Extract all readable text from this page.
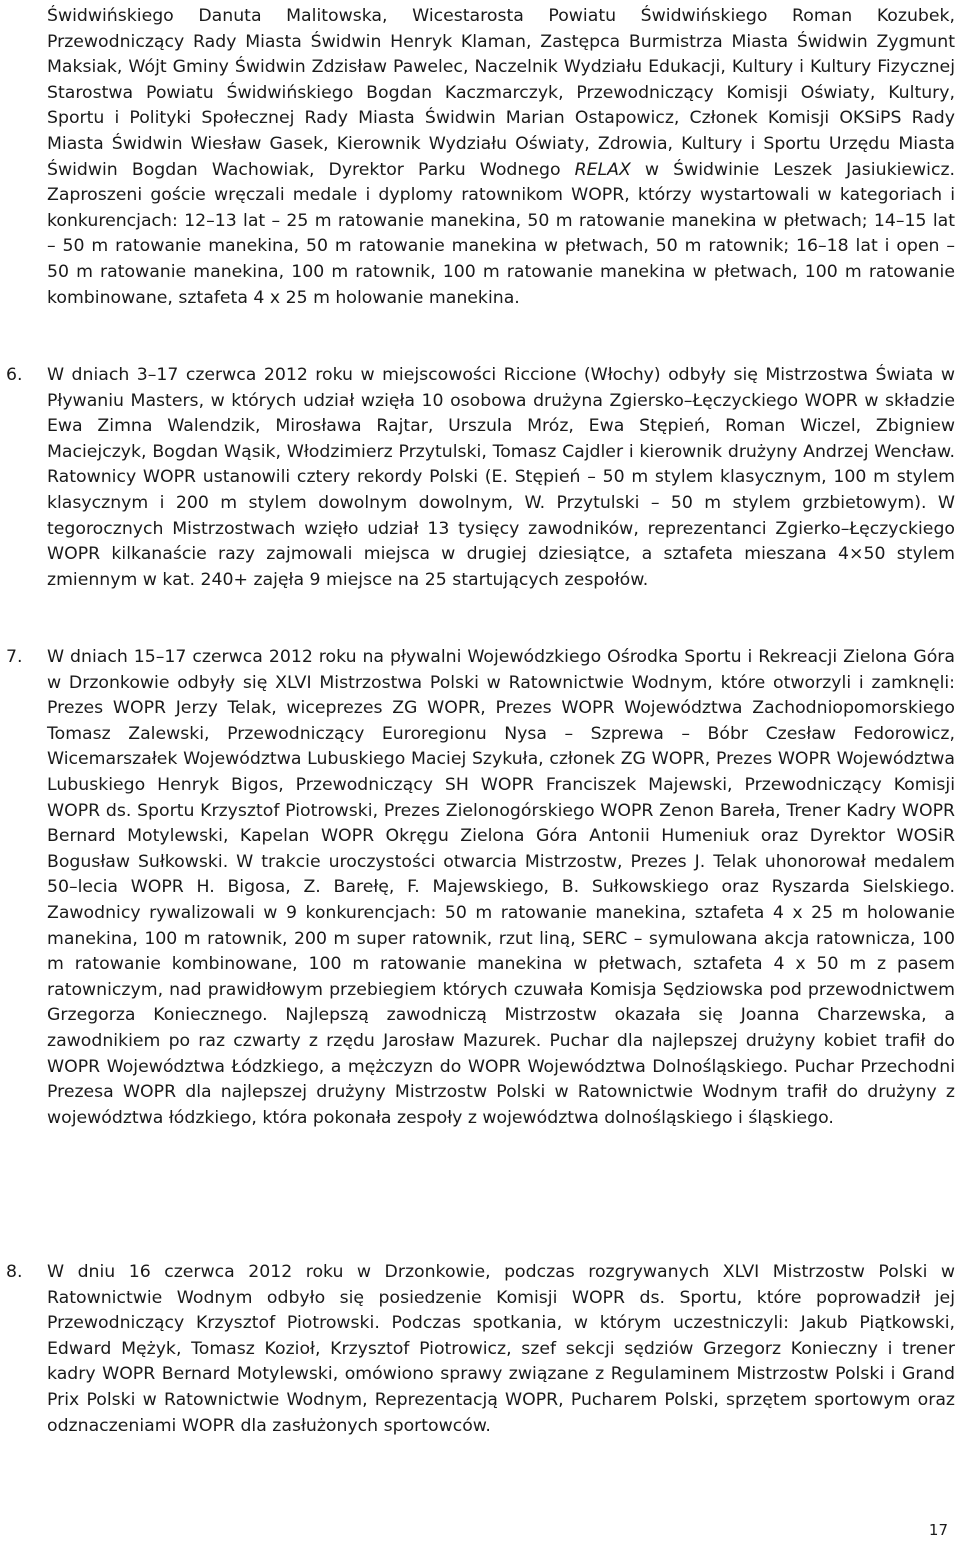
Świdwińskiego Danuta Malitowska, Wicestarosta Powiatu Świdwińskiego Roman Kozubek, Przewodniczący Rady Miasta Świdwin Henryk Klaman, Zastępca Burmistrza Miasta Świdwin Zygmunt Maksiak, Wójt Gminy Świdwin Zdzisław Pawelec, Naczelnik Wydziału Edukacji, Kultury i Kultury Fizycznej Starostwa Powiatu Świdwińskiego Bogdan Kaczmarczyk, Przewodniczący Komisji Oświaty, Kultury, Sportu i Polityki Społecznej Rady Miasta Świdwin Marian Ostapowicz, Członek Komisji OKSiPS Rady Miasta Świdwin Wiesław Gasek, Kierownik Wydziału Oświaty, Zdrowia, Kultury i Sportu Urzędu Miasta Świdwin Bogdan Wachowiak, Dyrektor Parku Wodnego RELAX w Świdwinie Leszek Jasiukiewicz. Zaproszeni goście wręczali medale i dyplomy ratownikom WOPR, którzy wystartowali w kategoriach i konkurencjach: 12–13 lat – 25 m ratowanie manekina, 50 m ratowanie manekina w płetwach; 14–15 lat – 50 m ratowanie manekina, 50 m ratowanie manekina w płetwach, 50 m ratownik; 16–18 lat i open – 50 m ratowanie manekina, 100 m ratownik, 100 m ratowanie manekina w płetwach, 100 m ratowanie kombinowane, sztafeta 4 x 25 m holowanie manekina.

6.	W dniach 3–17 czerwca 2012 roku w miejscowości Riccione (Włochy) odbyły się Mistrzostwa Świata w Pływaniu Masters, w których udział wzięła 10 osobowa drużyna Zgiersko–Łęczyckiego WOPR w składzie Ewa Zimna Walendzik, Mirosława Rajtar, Urszula Mróz, Ewa Stępień, Roman Wiczel, Zbigniew Maciejczyk, Bogdan Wąsik, Włodzimierz Przytulski, Tomasz Cajdler i kierownik drużyny Andrzej Wencław. Ratownicy WOPR ustanowili cztery rekordy Polski (E. Stępień – 50 m stylem klasycznym, 100 m stylem klasycznym i 200 m stylem dowolnym dowolnym, W. Przytulski – 50 m stylem grzbietowym). W tegorocznych Mistrzostwach wzięło udział 13 tysięcy zawodników, reprezentanci Zgierko–Łęczyckiego WOPR kilkanaście razy zajmowali miejsca w drugiej dziesiątce, a sztafeta mieszana 4×50 stylem zmiennym w kat. 240+ zajęła 9 miejsce na 25 startujących zespołów.

7.	W dniach 15–17 czerwca 2012 roku na pływalni Wojewódzkiego Ośrodka Sportu i Rekreacji Zielona Góra w Drzonkowie odbyły się XLVI Mistrzostwa Polski w Ratownictwie Wodnym, które otworzyli i zamknęli: Prezes WOPR Jerzy Telak, wiceprezes ZG WOPR, Prezes WOPR Województwa Zachodniopomorskiego Tomasz Zalewski, Przewodniczący Euroregionu Nysa – Szprewa – Bóbr Czesław Fedorowicz, Wicemarszałek Województwa Lubuskiego Maciej Szykuła, członek ZG WOPR, Prezes WOPR Województwa Lubuskiego Henryk Bigos, Przewodniczący SH WOPR Franciszek Majewski, Przewodniczący Komisji WOPR ds. Sportu Krzysztof Piotrowski, Prezes Zielonogórskiego WOPR Zenon Bareła, Trener Kadry WOPR Bernard Motylewski, Kapelan WOPR Okręgu Zielona Góra Antonii Humeniuk oraz Dyrektor WOSiR Bogusław Sułkowski. W trakcie uroczystości otwarcia Mistrzostw, Prezes J. Telak uhonorował medalem 50–lecia WOPR H. Bigosa, Z. Barełę, F. Majewskiego, B. Sułkowskiego oraz Ryszarda Sielskiego. Zawodnicy rywalizowali w 9 konkurencjach: 50 m ratowanie manekina, sztafeta 4 x 25 m holowanie manekina, 100 m ratownik, 200 m super ratownik, rzut liną, SERC – symulowana akcja ratownicza, 100 m ratowanie kombinowane, 100 m ratowanie manekina w płetwach, sztafeta 4 x 50 m z pasem ratowniczym, nad prawidłowym przebiegiem których czuwała Komisja Sędziowska pod przewodnictwem Grzegorza Koniecznego. Najlepszą zawodniczą Mistrzostw okazała się Joanna Charzewska, a zawodnikiem po raz czwarty z rzędu Jarosław Mazurek. Puchar dla najlepszej drużyny kobiet trafił do WOPR Województwa Łódzkiego, a mężczyzn do WOPR Województwa Dolnośląskiego. Puchar Przechodni Prezesa WOPR dla najlepszej drużyny Mistrzostw Polski w Ratownictwie Wodnym trafił do drużyny z województwa łódzkiego, która pokonała zespoły z województwa dolnośląskiego i śląskiego.

8.	W dniu 16 czerwca 2012 roku w Drzonkowie, podczas rozgrywanych XLVI Mistrzostw Polski w Ratownictwie Wodnym odbyło się posiedzenie Komisji WOPR ds. Sportu, które poprowadził jej Przewodniczący Krzysztof Piotrowski. Podczas spotkania, w którym uczestniczyli: Jakub Piątkowski, Edward Mężyk, Tomasz Kozioł, Krzysztof Piotrowicz, szef sekcji sędziów Grzegorz Konieczny i trener kadry WOPR Bernard Motylewski, omówiono sprawy związane z Regulaminem Mistrzostw Polski i Grand Prix Polski w Ratownictwie Wodnym, Reprezentacją WOPR, Pucharem Polski, sprzętem sportowym oraz odznaczeniami WOPR dla zasłużonych sportowców.

17
